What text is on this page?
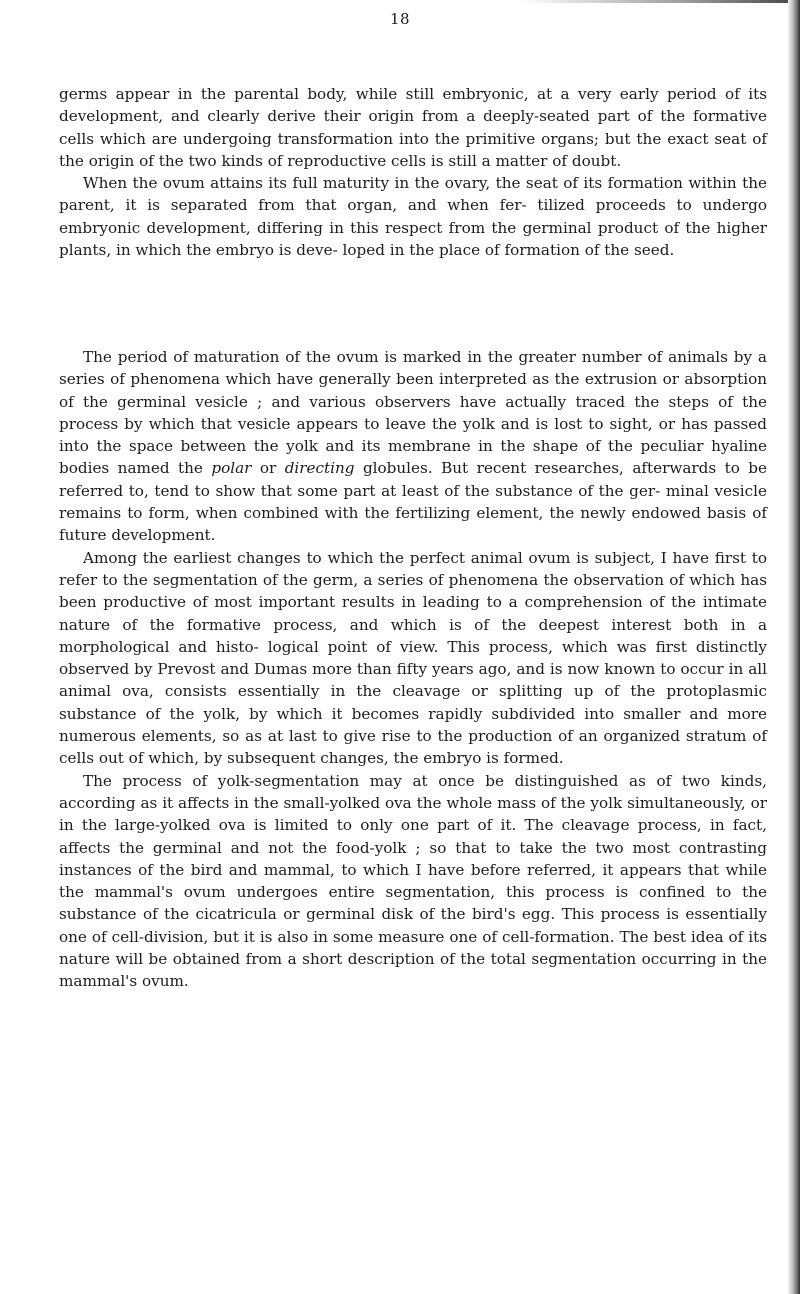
18

germs appear in the parental body, while still embryonic, at a very early period of its development, and clearly derive their origin from a deeply-seated part of the formative cells which are undergoing transformation into the primitive organs; but the exact seat of the origin of the two kinds of reproductive cells is still a matter of doubt.

When the ovum attains its full maturity in the ovary, the seat of its formation within the parent, it is separated from that organ, and when fer- tilized proceeds to undergo embryonic development, differing in this respect from the germinal product of the higher plants, in which the embryo is deve- loped in the place of formation of the seed.

The period of maturation of the ovum is marked in the greater number of animals by a series of phenomena which have generally been interpreted as the extrusion or absorption of the germinal vesicle ; and various observers have actually traced the steps of the process by which that vesicle appears to leave the yolk and is lost to sight, or has passed into the space between the yolk and its membrane in the shape of the peculiar hyaline bodies named the polar or directing globules. But recent researches, afterwards to be referred to, tend to show that some part at least of the substance of the ger- minal vesicle remains to form, when combined with the fertilizing element, the newly endowed basis of future development.

Among the earliest changes to which the perfect animal ovum is subject, I have first to refer to the segmentation of the germ, a series of phenomena the observation of which has been productive of most important results in leading to a comprehension of the intimate nature of the formative process, and which is of the deepest interest both in a morphological and histo- logical point of view. This process, which was first distinctly observed by Prevost and Dumas more than fifty years ago, and is now known to occur in all animal ova, consists essentially in the cleavage or splitting up of the protoplasmic substance of the yolk, by which it becomes rapidly subdivided into smaller and more numerous elements, so as at last to give rise to the production of an organized stratum of cells out of which, by subsequent changes, the embryo is formed.

The process of yolk-segmentation may at once be distinguished as of two kinds, according as it affects in the small-yolked ova the whole mass of the yolk simultaneously, or in the large-yolked ova is limited to only one part of it. The cleavage process, in fact, affects the germinal and not the food-yolk ; so that to take the two most contrasting instances of the bird and mammal, to which I have before referred, it appears that while the mammal's ovum undergoes entire segmentation, this process is confined to the substance of the cicatricula or germinal disk of the bird's egg. This process is essentially one of cell-division, but it is also in some measure one of cell-formation. The best idea of its nature will be obtained from a short description of the total segmentation occurring in the mammal's ovum.
